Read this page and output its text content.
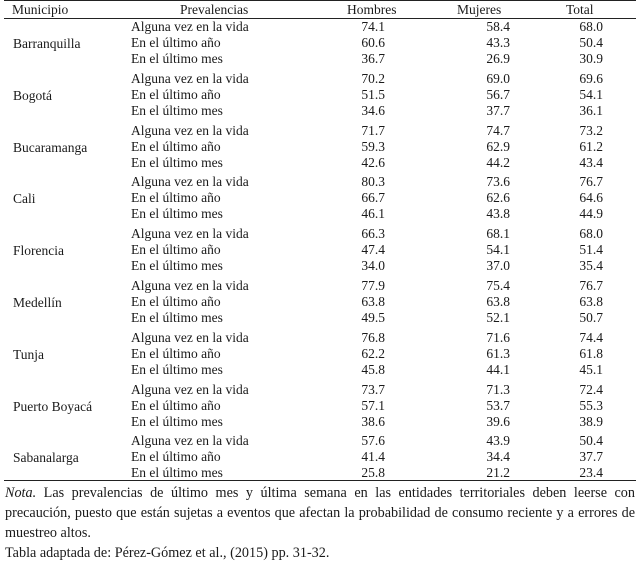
Municipio	Prevalencias	Hombres	Mujeres	Total
Barranquilla
Alguna vez en la vida	74.1	58.4	68.0
En el último año	60.6	43.3	50.4
En el último mes	36.7	26.9	30.9
Bogotá
Alguna vez en la vida	70.2	69.0	69.6
En el último año	51.5	56.7	54.1
En el último mes	34.6	37.7	36.1
Bucaramanga
Alguna vez en la vida	71.7	74.7	73.2
En el último año	59.3	62.9	61.2
En el último mes	42.6	44.2	43.4
Cali
Alguna vez en la vida	80.3	73.6	76.7
En el último año	66.7	62.6	64.6
En el último mes	46.1	43.8	44.9
Florencia
Alguna vez en la vida	66.3	68.1	68.0
En el último año	47.4	54.1	51.4
En el último mes	34.0	37.0	35.4
Medellín
Alguna vez en la vida	77.9	75.4	76.7
En el último año	63.8	63.8	63.8
En el último mes	49.5	52.1	50.7
Tunja
Alguna vez en la vida	76.8	71.6	74.4
En el último año	62.2	61.3	61.8
En el último mes	45.8	44.1	45.1
Puerto Boyacá
Alguna vez en la vida	73.7	71.3	72.4
En el último año	57.1	53.7	55.3
En el último mes	38.6	39.6	38.9
Sabanalarga
Alguna vez en la vida	57.6	43.9	50.4
En el último año	41.4	34.4	37.7
En el último mes	25.8	21.2	23.4
Nota. Las prevalencias de último mes y última semana en las entidades territoriales deben leerse con precaución, puesto que están sujetas a eventos que afectan la probabilidad de consumo reciente y a errores de muestreo altos.
Tabla adaptada de: Pérez-Gómez et al., (2015) pp. 31-32.
